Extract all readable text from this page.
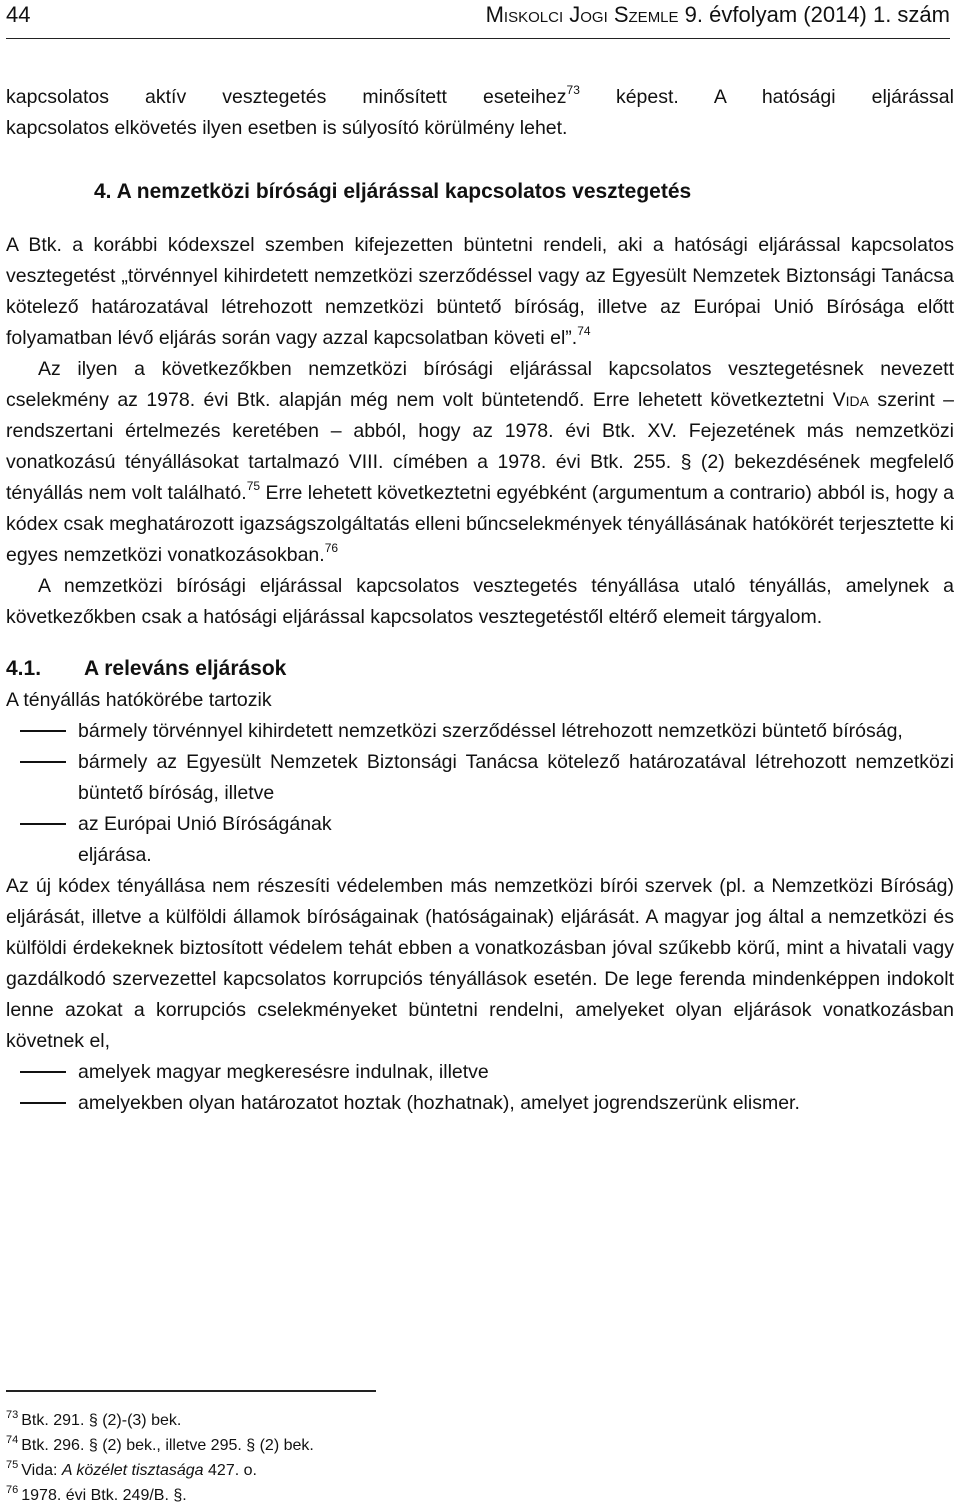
44	Miskolci Jogi Szemle 9. évfolyam (2014) 1. szám

kapcsolatos aktív vesztegetés minősített eseteihez$^{73}$ képest. A hatósági eljárással

kapcsolatos elkövetés ilyen esetben is súlyosító körülmény lehet.

4. A nemzetközi bírósági eljárással kapcsolatos vesztegetés

A Btk. a korábbi kódexszel szemben kifejezetten büntetni rendeli, aki a hatósági eljárással kapcsolatos vesztegetést „törvénnyel kihirdetett nemzetközi szerződéssel vagy az Egyesült Nemzetek Biztonsági Tanácsa kötelező határozatával létrehozott nemzetközi büntető bíróság, illetve az Európai Unió Bírósága előtt folyamatban lévő eljárás során vagy azzal kapcsolatban követi el”.$^{74}$

Az ilyen a következőkben nemzetközi bírósági eljárással kapcsolatos vesztegetésnek nevezett cselekmény az 1978. évi Btk. alapján még nem volt büntetendő. Erre lehetett következtetni Vida szerint – rendszertani értelmezés keretében – abból, hogy az 1978. évi Btk. XV. Fejezetének más nemzetközi vonatkozású tényállásokat tartalmazó VIII. címében a 1978. évi Btk. 255. § (2) bekezdésének megfelelő tényállás nem volt található.$^{75}$ Erre lehetett következtetni egyébként (argumentum a contrario) abból is, hogy a kódex csak meghatározott igazságszolgáltatás elleni bűncselekmények tényállásának hatókörét terjesztette ki egyes nemzetközi vonatkozásokban.$^{76}$

A nemzetközi bírósági eljárással kapcsolatos vesztegetés tényállása utaló tényállás, amelynek a következőkben csak a hatósági eljárással kapcsolatos vesztegetéstől eltérő elemeit tárgyalom.

4.1.	A releváns eljárások

A tényállás hatókörébe tartozik

bármely törvénnyel kihirdetett nemzetközi szerződéssel létrehozott nemzetközi büntető bíróság,

bármely az Egyesült Nemzetek Biztonsági Tanácsa kötelező határozatával létrehozott nemzetközi büntető bíróság, illetve

az Európai Unió Bíróságának

eljárása.

Az új kódex tényállása nem részesíti védelemben más nemzetközi bírói szervek (pl. a Nemzetközi Bíróság) eljárását, illetve a külföldi államok bíróságainak (hatóságainak) eljárását. A magyar jog által a nemzetközi és külföldi érdekeknek biztosított védelem tehát ebben a vonatkozásban jóval szűkebb körű, mint a hivatali vagy gazdálkodó szervezettel kapcsolatos korrupciós tényállások esetén. De lege ferenda mindenképpen indokolt lenne azokat a korrupciós cselekményeket büntetni rendelni, amelyeket olyan eljárások vonatkozásban követnek el,

amelyek magyar megkeresésre indulnak, illetve

amelyekben olyan határozatot hoztak (hozhatnak), amelyet jogrendszerünk elismer.

$^{73}$ Btk. 291. § (2)-(3) bek.
$^{74}$ Btk. 296. § (2) bek., illetve 295. § (2) bek.
$^{75}$ Vida: A közélet tisztasága 427. o.
$^{76}$ 1978. évi Btk. 249/B. §.
